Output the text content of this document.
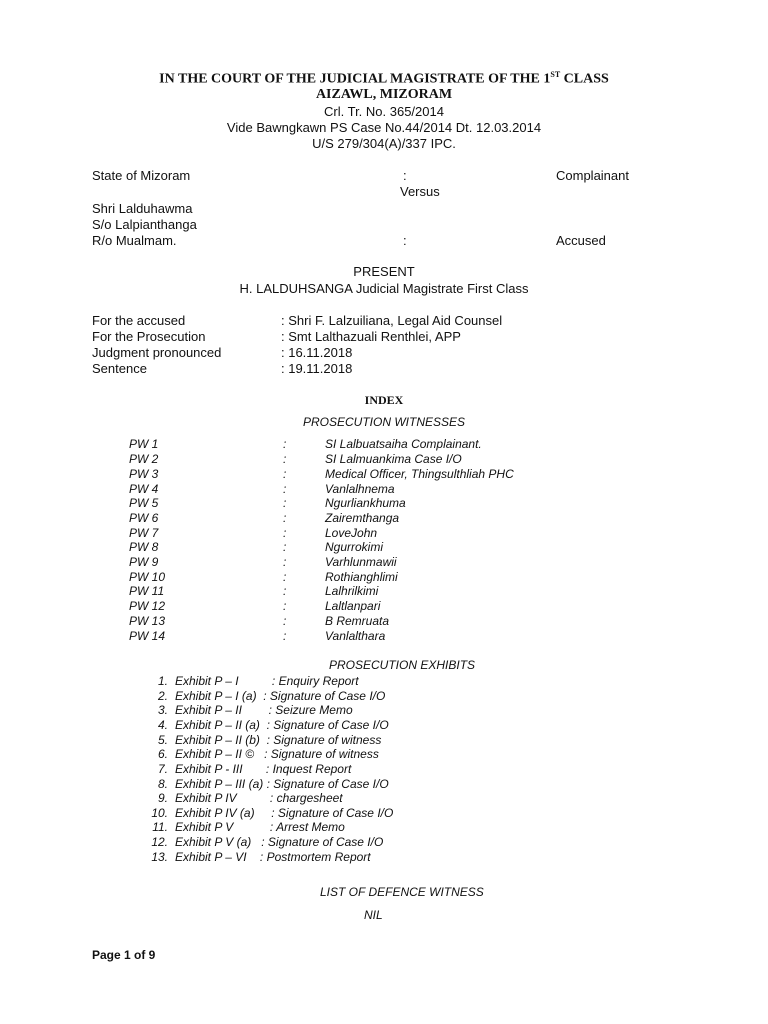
IN THE COURT OF THE JUDICIAL MAGISTRATE OF THE 1ST CLASS
AIZAWL, MIZORAM
Crl. Tr. No. 365/2014
Vide Bawngkawn PS Case No.44/2014 Dt. 12.03.2014
U/S 279/304(A)/337 IPC.
State of Mizoram	:	Complainant
Versus
Shri Lalduhawma
S/o Lalpianthanga
R/o Mualmam.	:	Accused
PRESENT
H. LALDUHSANGA Judicial Magistrate First Class
For the accused	: Shri F. Lalzuiliana, Legal Aid Counsel
For the Prosecution	: Smt Lalthazuali Renthlei, APP
Judgment pronounced	: 16.11.2018
Sentence	: 19.11.2018
INDEX
PROSECUTION WITNESSES
PW 1	:	SI Lalbuatsaiha Complainant.
PW 2	:	SI Lalmuankima Case I/O
PW 3	:	Medical Officer, Thingsulthliah PHC
PW 4	:	Vanlalhnema
PW 5	:	Ngurliankhuma
PW 6	:	Zairemthanga
PW 7	:	LoveJohn
PW 8	:	Ngurrokimi
PW 9	:	Varhlunmawii
PW 10	:	Rothianghlimi
PW 11	:	Lalhrilkimi
PW 12	:	Laltlanpari
PW 13	:	B Remruata
PW 14	:	Vanlalthara
PROSECUTION EXHIBITS
1. Exhibit P – I          : Enquiry Report
2. Exhibit P – I (a)  : Signature of Case I/O
3. Exhibit P – II        : Seizure Memo
4. Exhibit P – II (a)  : Signature of Case I/O
5. Exhibit P – II (b)  : Signature of witness
6. Exhibit P – II ©   : Signature of witness
7. Exhibit P - III       : Inquest Report
8. Exhibit P – III (a) : Signature of Case I/O
9. Exhibit P IV          : chargesheet
10. Exhibit P IV (a)     : Signature of Case I/O
11. Exhibit P V           : Arrest Memo
12. Exhibit P V (a)   : Signature of Case I/O
13. Exhibit P – VI    : Postmortem Report
LIST OF DEFENCE WITNESS
NIL
Page 1 of 9
